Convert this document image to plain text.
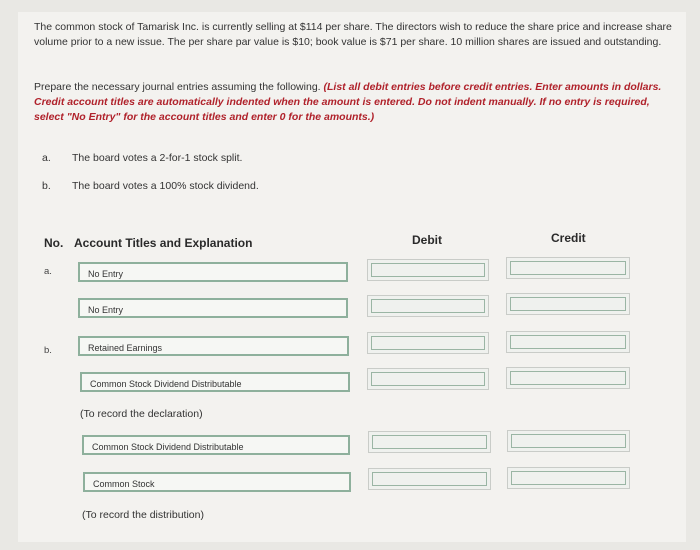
The common stock of Tamarisk Inc. is currently selling at $114 per share. The directors wish to reduce the share price and increase share volume prior to a new issue. The per share par value is $10; book value is $71 per share. 10 million shares are issued and outstanding.
Prepare the necessary journal entries assuming the following. (List all debit entries before credit entries. Enter amounts in dollars. Credit account titles are automatically indented when the amount is entered. Do not indent manually. If no entry is required, select "No Entry" for the account titles and enter 0 for the amounts.)
a. The board votes a 2-for-1 stock split.
b. The board votes a 100% stock dividend.
No. Account Titles and Explanation	Debit	Credit
a.	No Entry
No Entry
b.	Retained Earnings
Common Stock Dividend Distributable
(To record the declaration)
Common Stock Dividend Distributable
Common Stock
(To record the distribution)
